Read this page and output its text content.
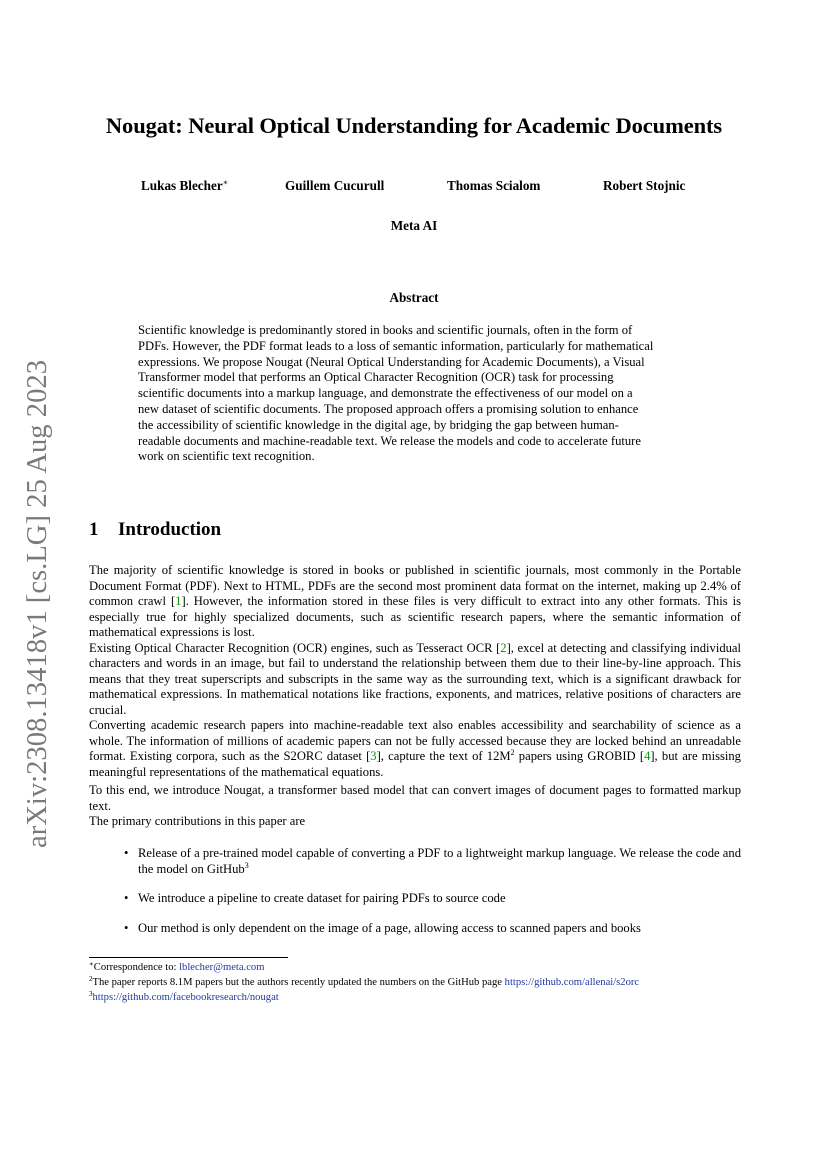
arXiv:2308.13418v1 [cs.LG] 25 Aug 2023
Nougat: Neural Optical Understanding for Academic Documents
Lukas Blecher∗	Guillem Cucurull	Thomas Scialom	Robert Stojnic
Meta AI
Abstract
Scientific knowledge is predominantly stored in books and scientific journals, often in the form of
PDFs. However, the PDF format leads to a loss of semantic information, particularly for mathematical
expressions. We propose Nougat (Neural Optical Understanding for Academic Documents), a Visual
Transformer model that performs an Optical Character Recognition (OCR) task for processing
scientific documents into a markup language, and demonstrate the effectiveness of our model on a
new dataset of scientific documents. The proposed approach offers a promising solution to enhance
the accessibility of scientific knowledge in the digital age, by bridging the gap between human-
readable documents and machine-readable text. We release the models and code to accelerate future
work on scientific text recognition.
1 Introduction

The majority of scientific knowledge is stored in books or published in scientific journals, most commonly in the Portable Document Format (PDF). Next to HTML, PDFs are the second most prominent data format on the internet, making up 2.4% of common crawl [1]. However, the information stored in these files is very difficult to extract into any other formats. This is especially true for highly specialized documents, such as scientific research papers, where the semantic information of mathematical expressions is lost.

Existing Optical Character Recognition (OCR) engines, such as Tesseract OCR [2], excel at detecting and classifying individual characters and words in an image, but fail to understand the relationship between them due to their line-by-line approach. This means that they treat superscripts and subscripts in the same way as the surrounding text, which is a significant drawback for mathematical expressions. In mathematical notations like fractions, exponents, and matrices, relative positions of characters are crucial.

Converting academic research papers into machine-readable text also enables accessibility and searchability of science as a whole. The information of millions of academic papers can not be fully accessed because they are locked behind an unreadable format. Existing corpora, such as the S2ORC dataset [3], capture the text of 12M$^2$ papers using GROBID [4], but are missing meaningful representations of the mathematical equations.

To this end, we introduce Nougat, a transformer based model that can convert images of document pages to formatted markup text.

The primary contributions in this paper are

• Release of a pre-trained model capable of converting a PDF to a lightweight markup language. We release the code and the model on GitHub$^3$
• We introduce a pipeline to create dataset for pairing PDFs to source code
• Our method is only dependent on the image of a page, allowing access to scanned papers and books
∗Correspondence to: lblecher@meta.com
$^2$The paper reports 8.1M papers but the authors recently updated the numbers on the GitHub page https://github.com/allenai/s2orc
$^3$https://github.com/facebookresearch/nougat
